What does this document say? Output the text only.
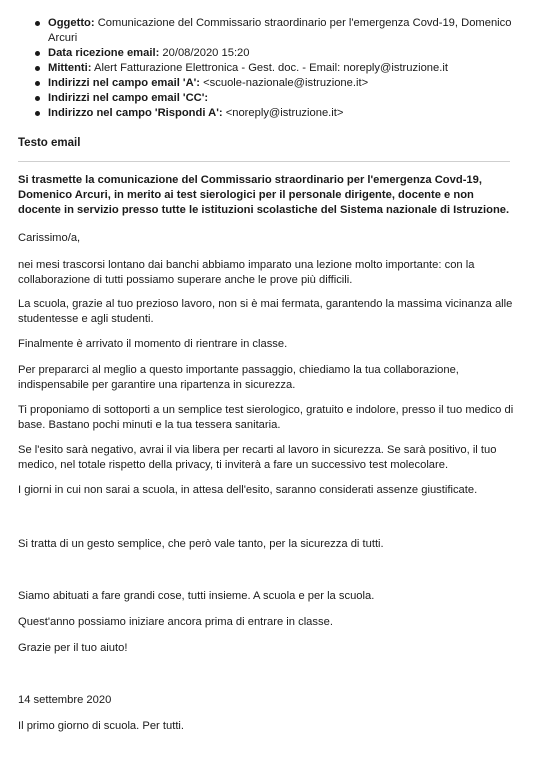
Oggetto: Comunicazione del Commissario straordinario per l'emergenza Covd-19, Domenico Arcuri
Data ricezione email: 20/08/2020 15:20
Mittenti: Alert Fatturazione Elettronica - Gest. doc. - Email: noreply@istruzione.it
Indirizzi nel campo email 'A': <scuole-nazionale@istruzione.it>
Indirizzi nel campo email 'CC':
Indirizzo nel campo 'Rispondi A': <noreply@istruzione.it>
Testo email

Si trasmette la comunicazione del Commissario straordinario per l'emergenza Covd-19, Domenico Arcuri, in merito ai test sierologici per il personale dirigente, docente e non docente in servizio presso tutte le istituzioni scolastiche del Sistema nazionale di Istruzione.

Carissimo/a,

nei mesi trascorsi lontano dai banchi abbiamo imparato una lezione molto importante: con la collaborazione di tutti possiamo superare anche le prove più difficili.

La scuola, grazie al tuo prezioso lavoro, non si è mai fermata, garantendo la massima vicinanza alle studentesse e agli studenti.

Finalmente è arrivato il momento di rientrare in classe.

Per prepararci al meglio a questo importante passaggio, chiediamo la tua collaborazione, indispensabile per garantire una ripartenza in sicurezza.

Ti proponiamo di sottoporti a un semplice test sierologico, gratuito e indolore, presso il tuo medico di base. Bastano pochi minuti e la tua tessera sanitaria.

Se l'esito sarà negativo, avrai il via libera per recarti al lavoro in sicurezza. Se sarà positivo, il tuo medico, nel totale rispetto della privacy, ti inviterà a fare un successivo test molecolare.

I giorni in cui non sarai a scuola, in attesa dell'esito, saranno considerati assenze giustificate.

Si tratta di un gesto semplice, che però vale tanto, per la sicurezza di tutti.

Siamo abituati a fare grandi cose, tutti insieme. A scuola e per la scuola.

Quest'anno possiamo iniziare ancora prima di entrare in classe.

Grazie per il tuo aiuto!

14 settembre 2020

Il primo giorno di scuola. Per tutti.
